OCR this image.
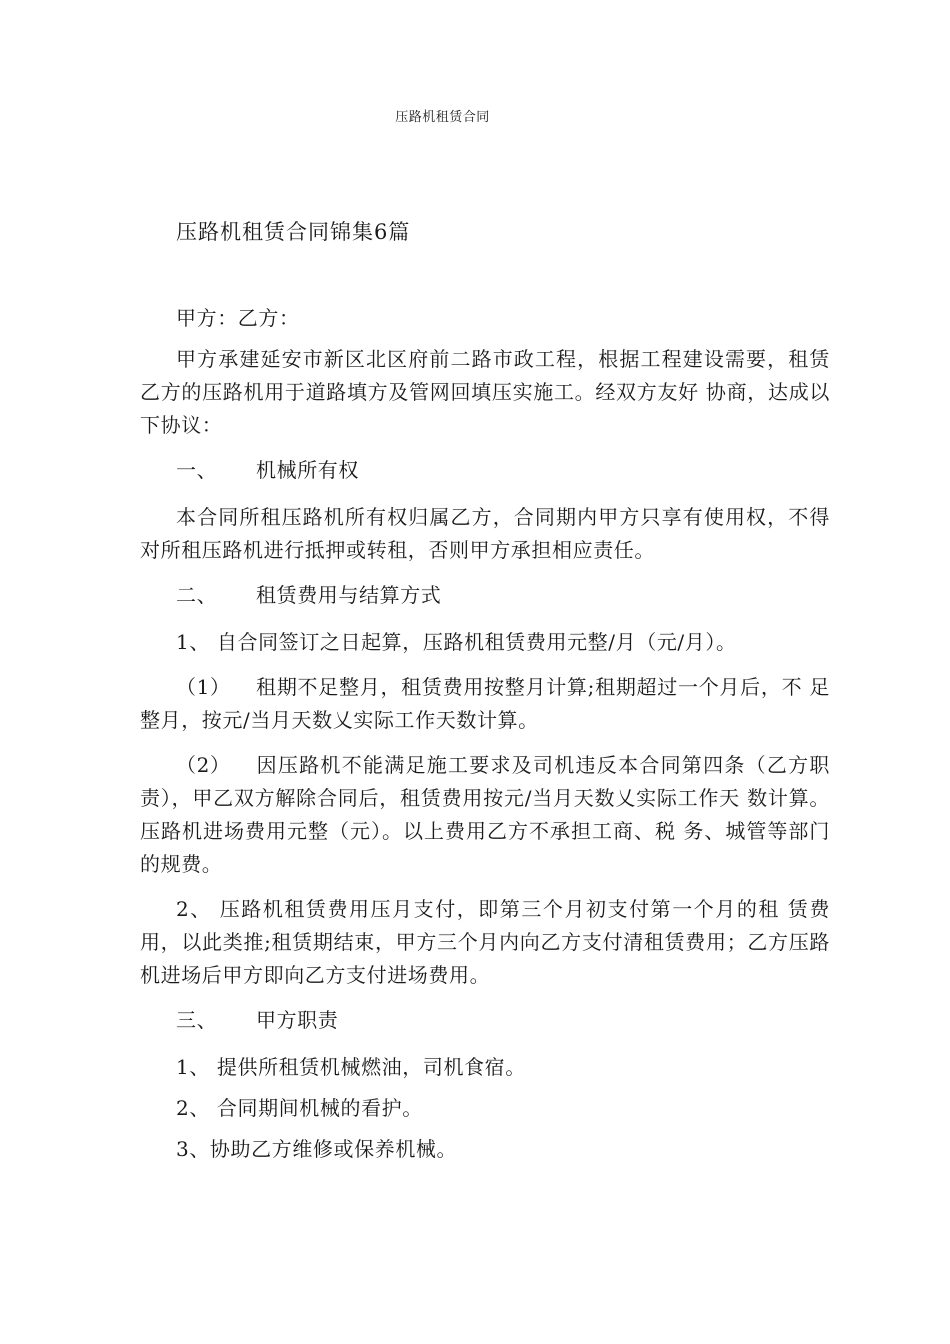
压路机租赁合同
压路机租赁合同锦集6篇

甲方：乙方：

甲方承建延安市新区北区府前二路市政工程，根据工程建设需要，租赁乙方的压路机用于道路填方及管网回填压实施工。经双方友好 协商，达成以下协议：

一、 机械所有权

本合同所租压路机所有权归属乙方，合同期内甲方只享有使用权，不得对所租压路机进行抵押或转租，否则甲方承担相应责任。

二、 租赁费用与结算方式

1、 自合同签订之日起算，压路机租赁费用元整/月（元/月）。

（1） 租期不足整月，租赁费用按整月计算;租期超过一个月后，不 足整月，按元/当月天数乂实际工作天数计算。

（2） 因压路机不能满足施工要求及司机违反本合同第四条（乙方职 责），甲乙双方解除合同后，租赁费用按元/当月天数乂实际工作天 数计算。压路机进场费用元整（元）。以上费用乙方不承担工商、税 务、城管等部门的规费。

2、 压路机租赁费用压月支付，即第三个月初支付第一个月的租 赁费用，以此类推;租赁期结束，甲方三个月内向乙方支付清租赁费用；乙方压路机进场后甲方即向乙方支付进场费用。

三、 甲方职责

1、 提供所租赁机械燃油，司机食宿。

2、 合同期间机械的看护。

3、协助乙方维修或保养机械。
